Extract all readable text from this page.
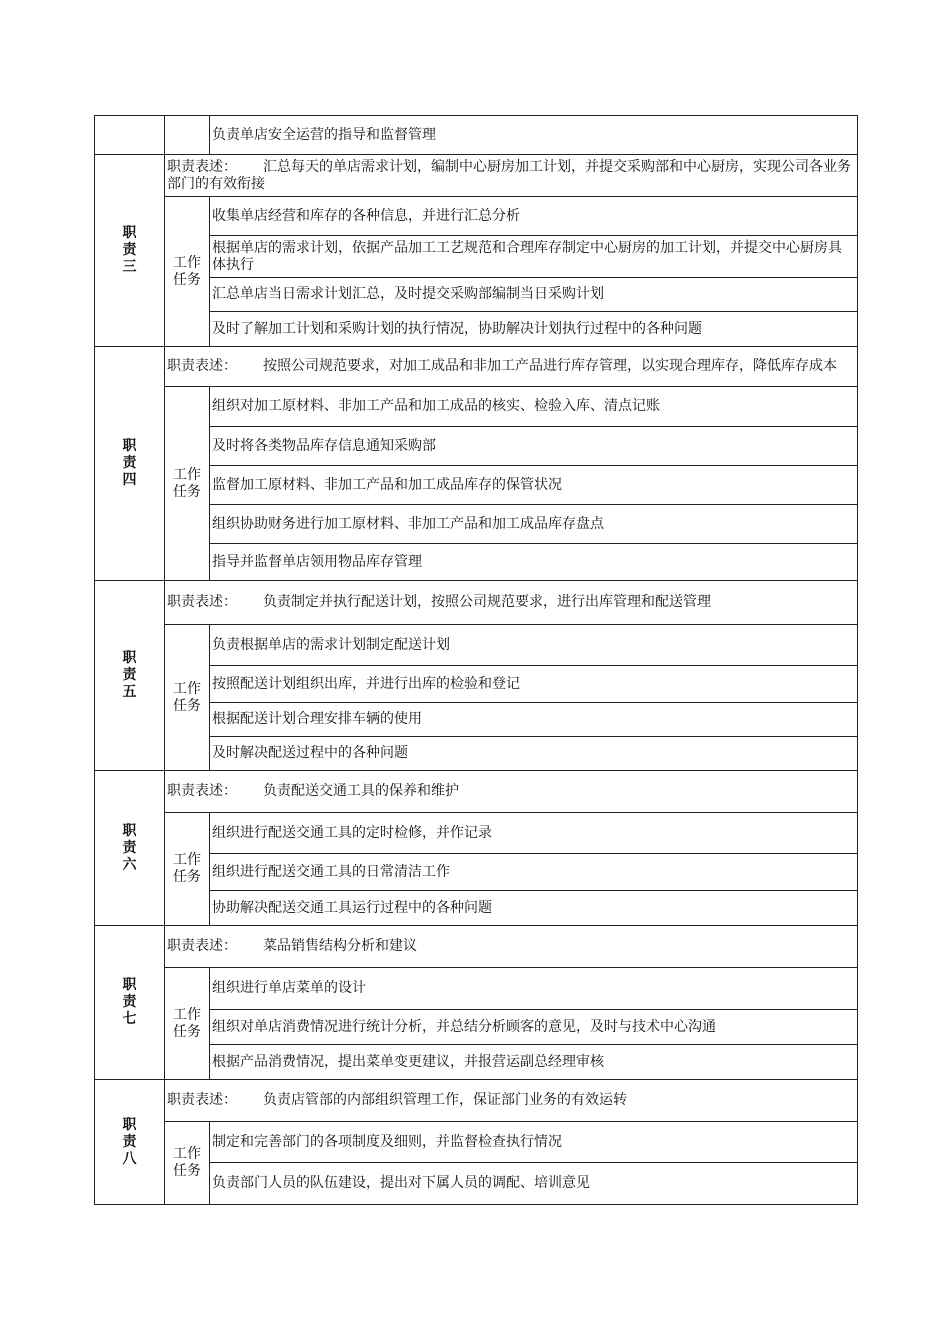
		负责单店安全运营的指导和监督管理

职
责
三	职责表述： 汇总每天的单店需求计划，编制中心厨房加工计划，并提交采购部和中心厨房，实现公司各业务部门的有效衔接	

	工作
任务	收集单店经营和库存的各种信息，并进行汇总分析
		根据单店的需求计划，依据产品加工工艺规范和合理库存制定中心厨房的加工计划，并提交中心厨房具体执行
		汇总单店当日需求计划汇总，及时提交采购部编制当日采购计划
		及时了解加工计划和采购计划的执行情况，协助解决计划执行过程中的各种问题

职
责
四	职责表述： 按照公司规范要求，对加工成品和非加工产品进行库存管理，以实现合理库存，降低库存成本	

	工作
任务	组织对加工原材料、非加工产品和加工成品的核实、检验入库、清点记账
		及时将各类物品库存信息通知采购部
		监督加工原材料、非加工产品和加工成品库存的保管状况
		组织协助财务进行加工原材料、非加工产品和加工成品库存盘点
		指导并监督单店领用物品库存管理

职
责
五	职责表述： 负责制定并执行配送计划，按照公司规范要求，进行出库管理和配送管理	

	工作
任务	负责根据单店的需求计划制定配送计划
		按照配送计划组织出库，并进行出库的检验和登记
		根据配送计划合理安排车辆的使用
		及时解决配送过程中的各种问题

职
责
六	职责表述： 负责配送交通工具的保养和维护	

	工作
任务	组织进行配送交通工具的定时检修，并作记录
		组织进行配送交通工具的日常清洁工作
		协助解决配送交通工具运行过程中的各种问题

职
责
七	职责表述： 菜品销售结构分析和建议	

	工作
任务	组织进行单店菜单的设计
		组织对单店消费情况进行统计分析，并总结分析顾客的意见，及时与技术中心沟通
		根据产品消费情况，提出菜单变更建议，并报营运副总经理审核

职
责
八	职责表述： 负责店管部的内部组织管理工作，保证部门业务的有效运转	

	工作
任务	制定和完善部门的各项制度及细则，并监督检查执行情况
		负责部门人员的队伍建设，提出对下属人员的调配、培训意见
